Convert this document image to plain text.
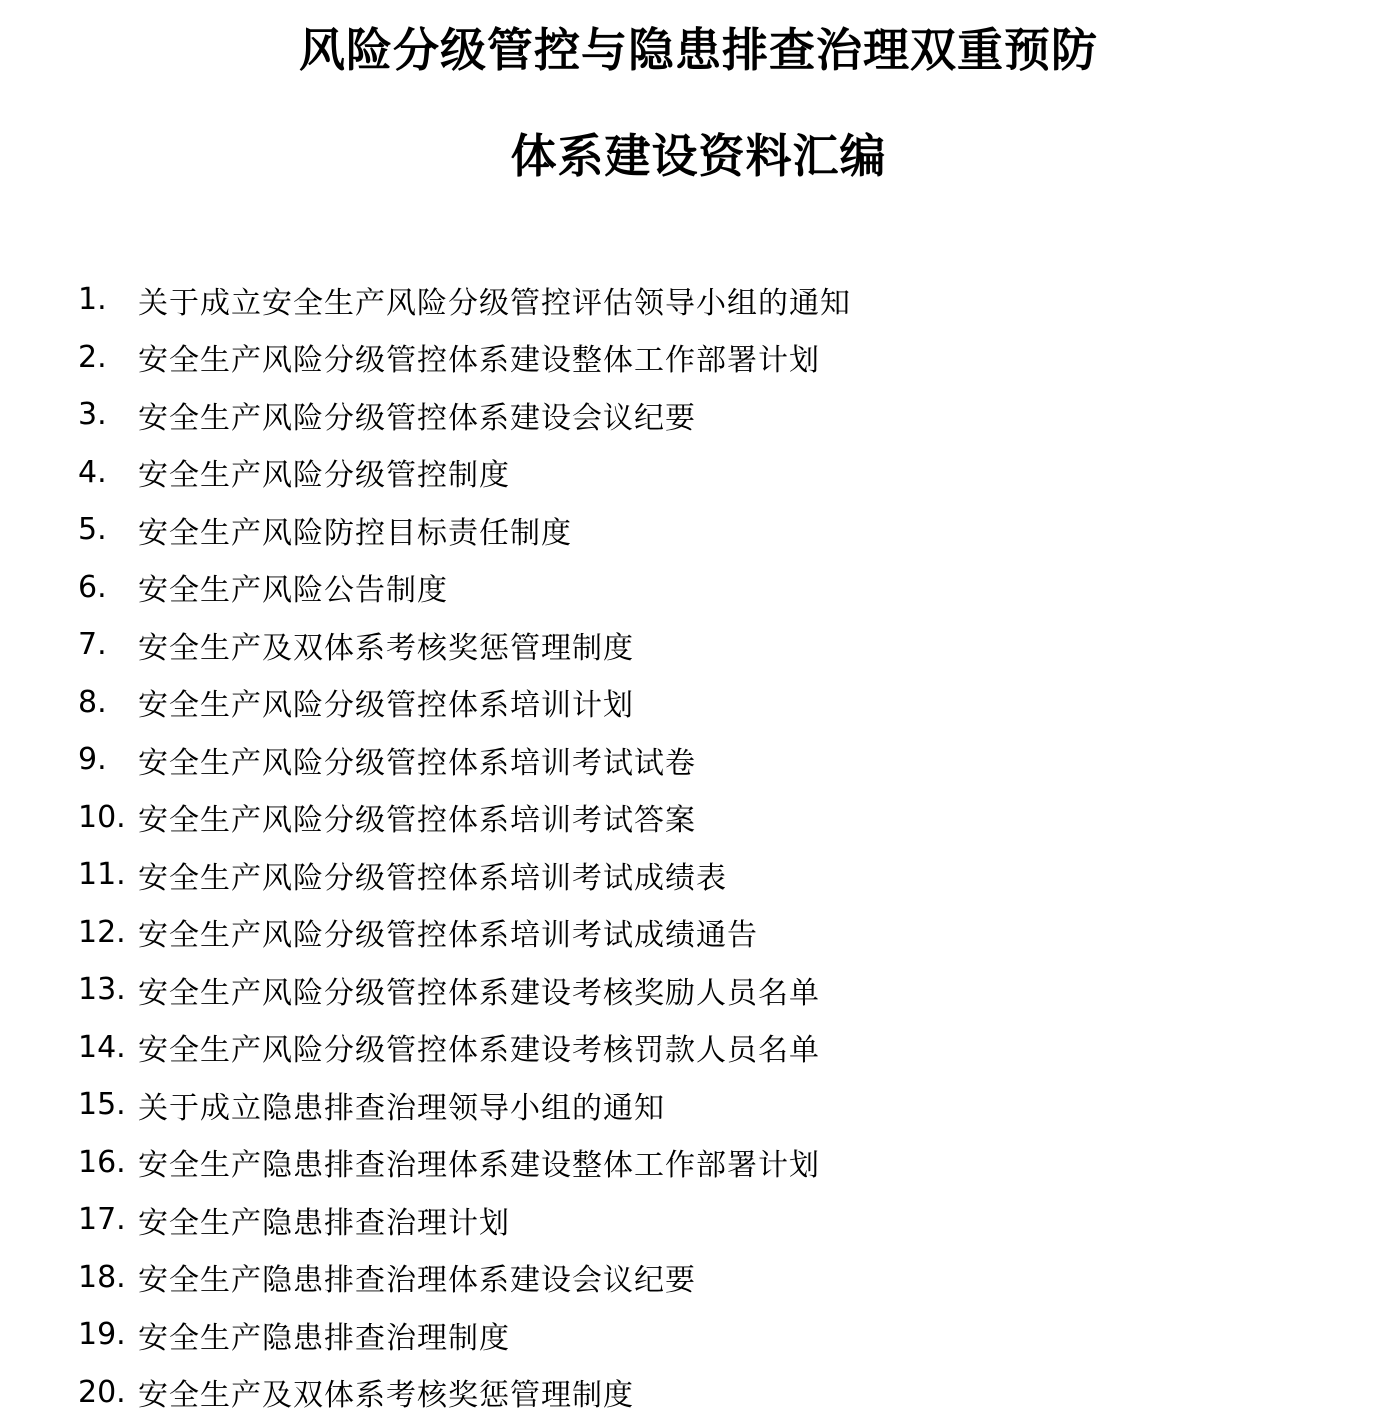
风险分级管控与隐患排查治理双重预防
体系建设资料汇编
1.	关于成立安全生产风险分级管控评估领导小组的通知
2.	安全生产风险分级管控体系建设整体工作部署计划
3.	安全生产风险分级管控体系建设会议纪要
4.	安全生产风险分级管控制度
5.	安全生产风险防控目标责任制度
6.	安全生产风险公告制度
7.	安全生产及双体系考核奖惩管理制度
8.	安全生产风险分级管控体系培训计划
9.	安全生产风险分级管控体系培训考试试卷
10. 安全生产风险分级管控体系培训考试答案
11. 安全生产风险分级管控体系培训考试成绩表
12. 安全生产风险分级管控体系培训考试成绩通告
13. 安全生产风险分级管控体系建设考核奖励人员名单
14. 安全生产风险分级管控体系建设考核罚款人员名单
15. 关于成立隐患排查治理领导小组的通知
16. 安全生产隐患排查治理体系建设整体工作部署计划
17. 安全生产隐患排查治理计划
18. 安全生产隐患排查治理体系建设会议纪要
19. 安全生产隐患排查治理制度
20. 安全生产及双体系考核奖惩管理制度
